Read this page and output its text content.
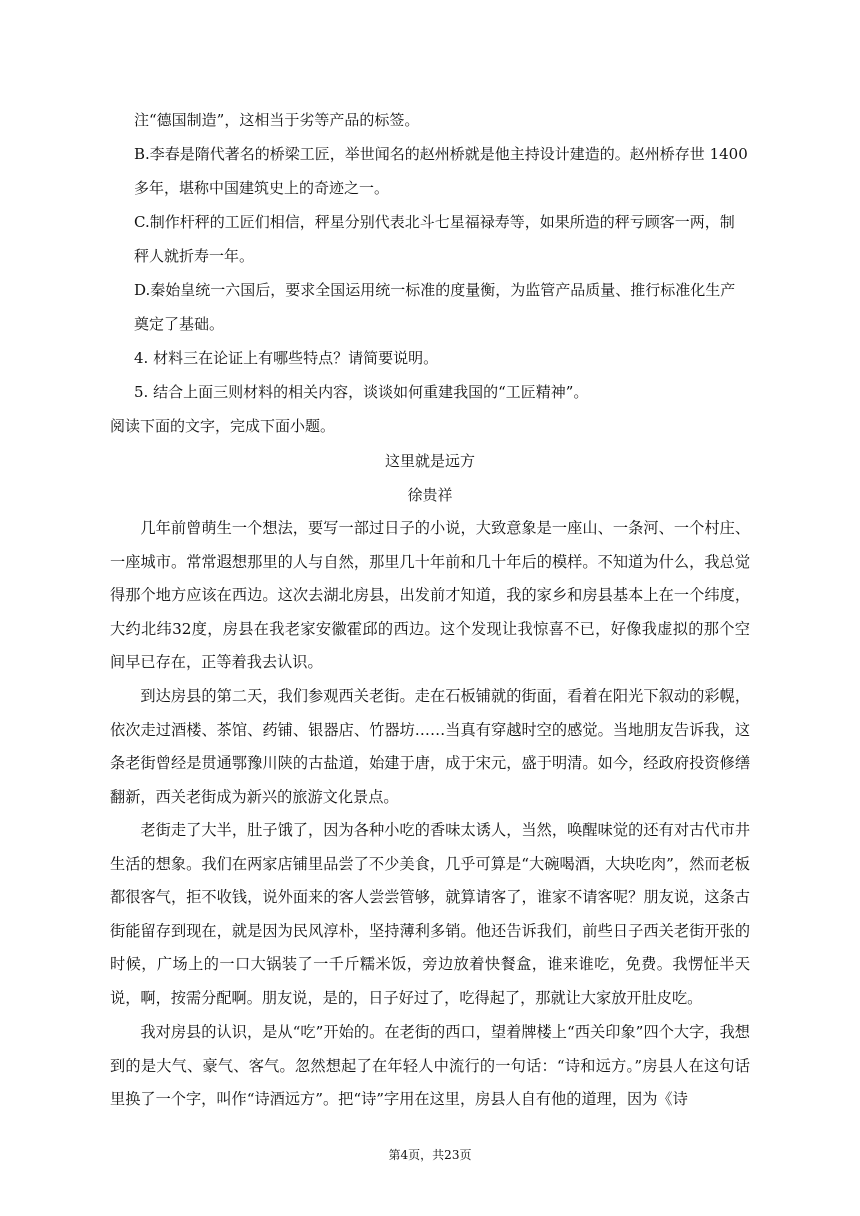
注“德国制造”，这相当于劣等产品的标签。
B.李春是隋代著名的桥梁工匠，举世闻名的赵州桥就是他主持设计建造的。赵州桥存世 1400
多年，堪称中国建筑史上的奇迹之一。
C.制作杆秤的工匠们相信，秤星分别代表北斗七星福禄寿等，如果所造的秤亏顾客一两，制
秤人就折寿一年。
D.秦始皇统一六国后，要求全国运用统一标准的度量衡，为监管产品质量、推行标准化生产
奠定了基础。
4. 材料三在论证上有哪些特点？请简要说明。
5. 结合上面三则材料的相关内容，谈谈如何重建我国的“工匠精神”。
阅读下面的文字，完成下面小题。
这里就是远方
徐贵祥

几年前曾萌生一个想法，要写一部过日子的小说，大致意象是一座山、一条河、一个村庄、一座城市。常常遐想那里的人与自然，那里几十年前和几十年后的模样。不知道为什么，我总觉得那个地方应该在西边。这次去湖北房县，出发前才知道，我的家乡和房县基本上在一个纬度，大约北纬32度，房县在我老家安徽霍邱的西边。这个发现让我惊喜不已，好像我虚拟的那个空间早已存在，正等着我去认识。

到达房县的第二天，我们参观西关老街。走在石板铺就的街面，看着在阳光下叙动的彩幌，依次走过酒楼、茶馆、药铺、银器店、竹器坊……当真有穿越时空的感觉。当地朋友告诉我，这条老街曾经是贯通鄂豫川陕的古盐道，始建于唐，成于宋元，盛于明清。如今，经政府投资修缮翻新，西关老街成为新兴的旅游文化景点。

老街走了大半，肚子饿了，因为各种小吃的香味太诱人，当然，唤醒味觉的还有对古代市井生活的想象。我们在两家店铺里品尝了不少美食，几乎可算是“大碗喝酒，大块吃肉”，然而老板都很客气，拒不收钱，说外面来的客人尝尝管够，就算请客了，谁家不请客呢？朋友说，这条古街能留存到现在，就是因为民风淳朴，坚持薄利多销。他还告诉我们，前些日子西关老街开张的时候，广场上的一口大锅装了一千斤糯米饭，旁边放着快餐盒，谁来谁吃，免费。我愣怔半天说，啊，按需分配啊。朋友说，是的，日子好过了，吃得起了，那就让大家放开肚皮吃。

我对房县的认识，是从“吃”开始的。在老街的西口，望着牌楼上“西关印象”四个大字，我想到的是大气、豪气、客气。忽然想起了在年轻人中流行的一句话：“诗和远方。”房县人在这句话里换了一个字，叫作“诗酒远方”。把“诗”字用在这里，房县人自有他的道理，因为《诗

第4页，共23页
